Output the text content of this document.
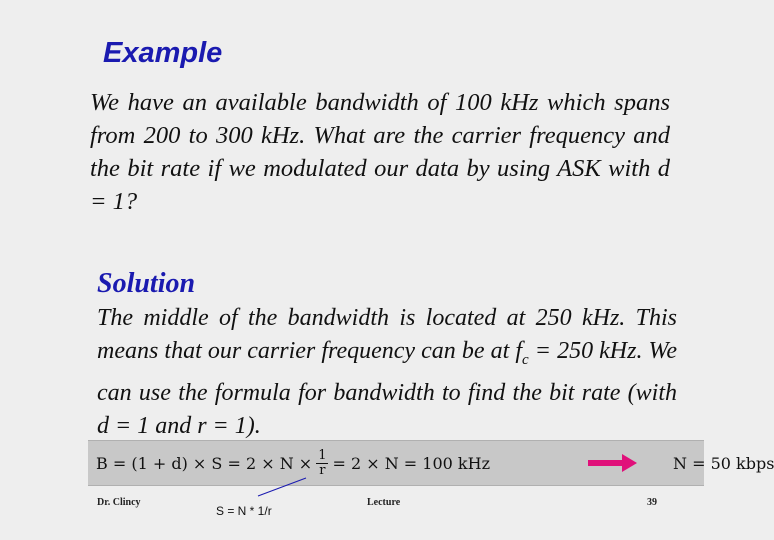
Example

We have an available bandwidth of 100 kHz which spans from 200 to 300 kHz. What are the carrier frequency and the bit rate if we modulated our data by using ASK with d = 1?

Solution

The middle of the bandwidth is located at 250 kHz. This means that our carrier frequency can be at $f_c = 250$ kHz. We can use the formula for bandwidth to find the bit rate (with d = 1 and r = 1).

$B = (1 + d) \times S = 2 \times N \times \frac{1}{r} = 2 \times N = 100$ kHz	N = 50 kbps
Dr. Clincy	Lecture	39
S = N * 1/r
